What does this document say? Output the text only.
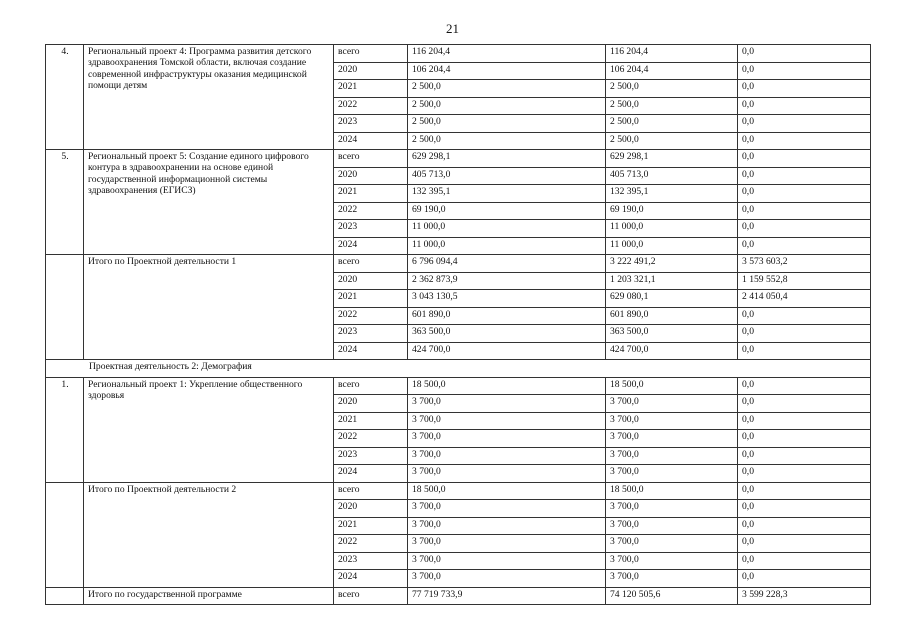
21
4.	Региональный проект 4: Программа развития детского здравоохранения Томской области, включая создание современной инфраструктуры оказания медицинской помощи детям	всего	116 204,4	116 204,4	0,0
		2020	106 204,4	106 204,4	0,0
		2021	2 500,0	2 500,0	0,0
		2022	2 500,0	2 500,0	0,0
		2023	2 500,0	2 500,0	0,0
		2024	2 500,0	2 500,0	0,0
5.	Региональный проект 5: Создание единого цифрового контура в здравоохранении на основе единой государственной информационной системы здравоохранения (ЕГИСЗ)	всего	629 298,1	629 298,1	0,0
		2020	405 713,0	405 713,0	0,0
		2021	132 395,1	132 395,1	0,0
		2022	69 190,0	69 190,0	0,0
		2023	11 000,0	11 000,0	0,0
		2024	11 000,0	11 000,0	0,0
	Итого по Проектной деятельности 1	всего	6 796 094,4	3 222 491,2	3 573 603,2
		2020	2 362 873,9	1 203 321,1	1 159 552,8
		2021	3 043 130,5	629 080,1	2 414 050,4
		2022	601 890,0	601 890,0	0,0
		2023	363 500,0	363 500,0	0,0
		2024	424 700,0	424 700,0	0,0
Проектная деятельность 2: Демография					
1.	Региональный проект 1: Укрепление общественного здоровья	всего	18 500,0	18 500,0	0,0
		2020	3 700,0	3 700,0	0,0
		2021	3 700,0	3 700,0	0,0
		2022	3 700,0	3 700,0	0,0
		2023	3 700,0	3 700,0	0,0
		2024	3 700,0	3 700,0	0,0
	Итого по Проектной деятельности 2	всего	18 500,0	18 500,0	0,0
		2020	3 700,0	3 700,0	0,0
		2021	3 700,0	3 700,0	0,0
		2022	3 700,0	3 700,0	0,0
		2023	3 700,0	3 700,0	0,0
		2024	3 700,0	3 700,0	0,0
	Итого по государственной программе	всего	77 719 733,9	74 120 505,6	3 599 228,3
